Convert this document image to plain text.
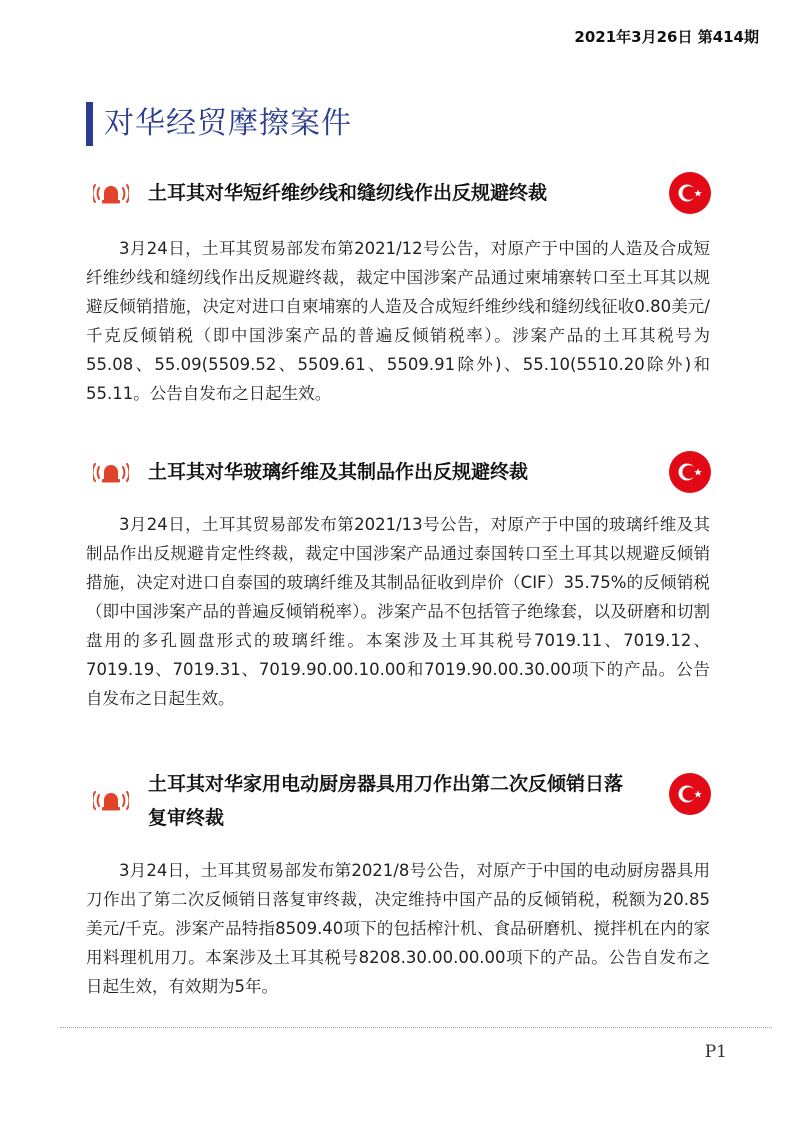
2021年3月26日 第414期
对华经贸摩擦案件
土耳其对华短纤维纱线和缝纫线作出反规避终裁

3月24日，土耳其贸易部发布第2021/12号公告，对原产于中国的人造及合成短纤维纱线和缝纫线作出反规避终裁，裁定中国涉案产品通过柬埔寨转口至土耳其以规避反倾销措施，决定对进口自柬埔寨的人造及合成短纤维纱线和缝纫线征收0.80美元/千克反倾销税（即中国涉案产品的普遍反倾销税率）。涉案产品的土耳其税号为55.08、55.09(5509.52、5509.61、5509.91除外)、55.10(5510.20除外)和55.11。公告自发布之日起生效。

土耳其对华玻璃纤维及其制品作出反规避终裁

3月24日，土耳其贸易部发布第2021/13号公告，对原产于中国的玻璃纤维及其制品作出反规避肯定性终裁，裁定中国涉案产品通过泰国转口至土耳其以规避反倾销措施，决定对进口自泰国的玻璃纤维及其制品征收到岸价（CIF）35.75%的反倾销税（即中国涉案产品的普遍反倾销税率）。涉案产品不包括管子绝缘套，以及研磨和切割盘用的多孔圆盘形式的玻璃纤维。本案涉及土耳其税号7019.11、7019.12、7019.19、7019.31、7019.90.00.10.00和7019.90.00.30.00项下的产品。公告自发布之日起生效。

土耳其对华家用电动厨房器具用刀作出第二次反倾销日落复审终裁

3月24日，土耳其贸易部发布第2021/8号公告，对原产于中国的电动厨房器具用刀作出了第二次反倾销日落复审终裁，决定维持中国产品的反倾销税，税额为20.85美元/千克。涉案产品特指8509.40项下的包括榨汁机、食品研磨机、搅拌机在内的家用料理机用刀。本案涉及土耳其税号8208.30.00.00.00项下的产品。公告自发布之日起生效，有效期为5年。

P1
